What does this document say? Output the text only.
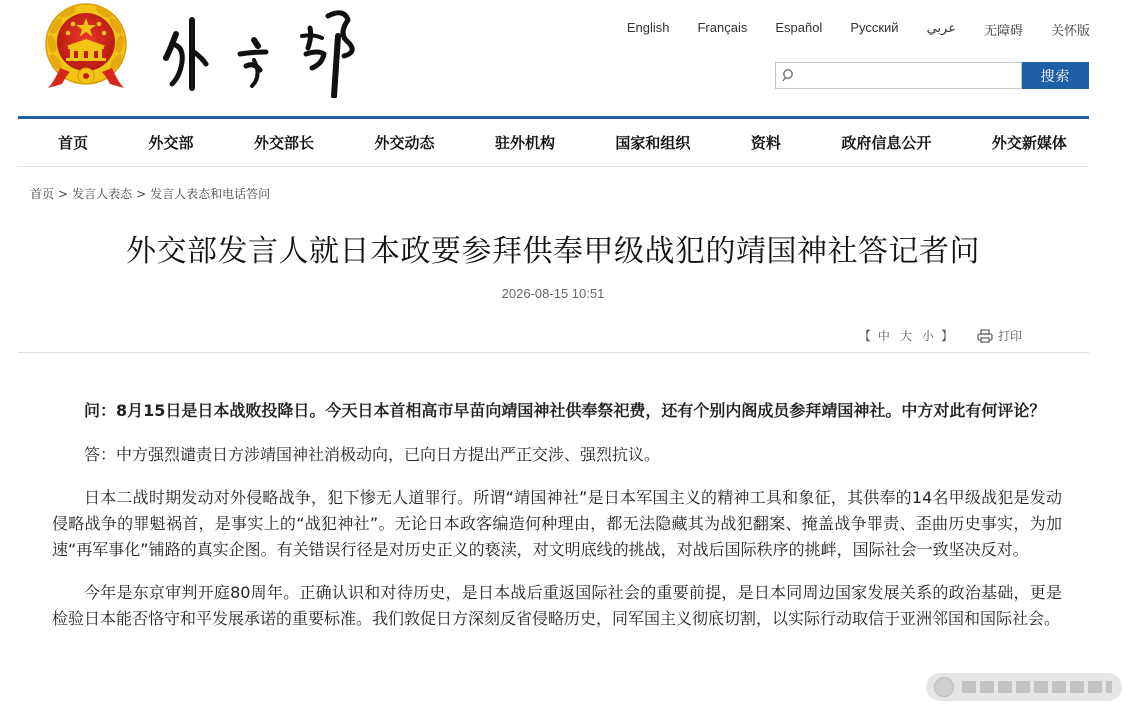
English Français Español Русский عربي 无障碍 关怀版
搜索
首页	外交部	外交部长	外交动态	驻外机构	国家和组织	资料	政府信息公开	外交新媒体
首页 > 发言人表态 > 发言人表态和电话答问
外交部发言人就日本政要参拜供奉甲级战犯的靖国神社答记者问
2026-08-15 10:51
【 中 大 小 】	打印

问：8月15日是日本战败投降日。今天日本首相高市早苗向靖国神社供奉祭祀费，还有个别内阁成员参拜靖国神社。中方对此有何评论？

答：中方强烈谴责日方涉靖国神社消极动向，已向日方提出严正交涉、强烈抗议。

日本二战时期发动对外侵略战争，犯下惨无人道罪行。所谓“靖国神社”是日本军国主义的精神工具和象征，其供奉的14名甲级战犯是发动侵略战争的罪魁祸首，是事实上的“战犯神社”。无论日本政客编造何种理由，都无法隐藏其为战犯翻案、掩盖战争罪责、歪曲历史事实，为加速“再军事化”铺路的真实企图。有关错误行径是对历史正义的亵渎，对文明底线的挑战，对战后国际秩序的挑衅，国际社会一致坚决反对。

今年是东京审判开庭80周年。正确认识和对待历史，是日本战后重返国际社会的重要前提，是日本同周边国家发展关系的政治基础，更是检验日本能否恪守和平发展承诺的重要标准。我们敦促日方深刻反省侵略历史，同军国主义彻底切割，以实际行动取信于亚洲邻国和国际社会。
